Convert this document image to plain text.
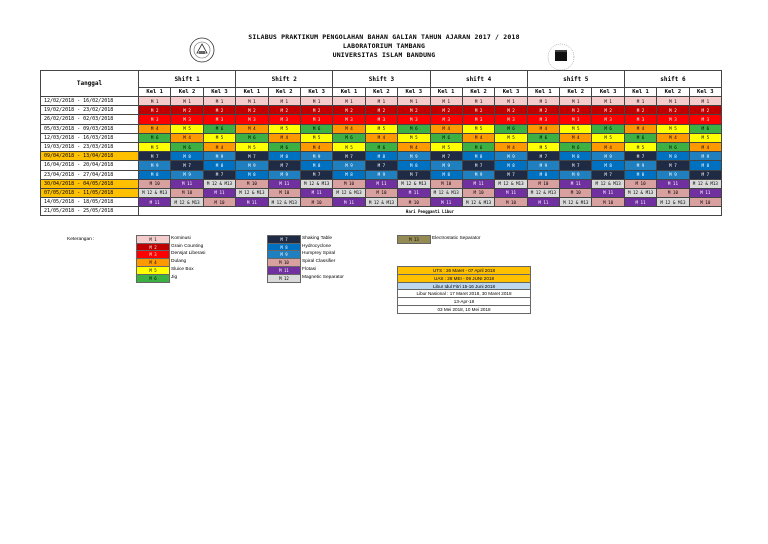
SILABUS PRAKTIKUM PENGOLAHAN BAHAN GALIAN TAHUN AJARAN 2017 / 2018
LABORATORIUM TAMBANG
UNIVERSITAS ISLAM BANDUNG
Tanggal	Shift 1			Shift 2			Shift 3			shift 4			shift 5			shift 6		
	Kel 1	Kel 2	Kel 3	Kel 1	Kel 2	Kel 3	Kel 1	Kel 2	Kel 3	Kel 1	Kel 2	Kel 3	Kel 1	Kel 2	Kel 3	Kel 1	Kel 2	Kel 3
12/02/2018 - 16/02/2018	M 1	M 1	M 1	M 1	M 1	M 1	M 1	M 1	M 1	M 1	M 1	M 1	M 1	M 1	M 1	M 1	M 1	M 1
19/02/2018 - 23/02/2018	M 2	M 2	M 2	M 2	M 2	M 2	M 2	M 2	M 2	M 2	M 2	M 2	M 2	M 2	M 2	M 2	M 2	M 2
26/02/2018 - 02/03/2018	M 3	M 3	M 3	M 3	M 3	M 3	M 3	M 3	M 3	M 3	M 3	M 3	M 3	M 3	M 3	M 3	M 3	M 3
05/03/2018 - 09/03/2018	M 4	M 5	M 6	M 4	M 5	M 6	M 4	M 5	M 6	M 4	M 5	M 6	M 4	M 5	M 6	M 4	M 5	M 6
12/03/2018 - 16/03/2018	M 6	M 4	M 5	M 6	M 4	M 5	M 6	M 4	M 5	M 6	M 4	M 5	M 6	M 4	M 5	M 6	M 4	M 5
19/03/2018 - 23/03/2018	M 5	M 6	M 4	M 5	M 6	M 4	M 5	M 6	M 4	M 5	M 6	M 4	M 5	M 6	M 4	M 5	M 6	M 4
09/04/2018 - 13/04/2018	M 7	M 8	M 9	M 7	M 8	M 9	M 7	M 8	M 9	M 7	M 8	M 9	M 7	M 8	M 9	M 7	M 8	M 9
16/04/2018 - 20/04/2018	M 9	M 7	M 8	M 9	M 7	M 8	M 9	M 7	M 8	M 9	M 7	M 8	M 9	M 7	M 8	M 9	M 7	M 8
23/04/2018 - 27/04/2018	M 8	M 9	M 7	M 8	M 9	M 7	M 8	M 9	M 7	M 8	M 9	M 7	M 8	M 9	M 7	M 8	M 9	M 7
30/04/2018 - 04/05/2018	M 10	M 11	M 12 & M13	M 10	M 11	M 12 & M13	M 10	M 11	M 12 & M13	M 10	M 11	M 12 & M13	M 10	M 11	M 12 & M13	M 10	M 11	M 12 & M13
07/05/2018 - 11/05/2018	M 12 & M13	M 10	M 11	M 12 & M13	M 10	M 11	M 12 & M13	M 10	M 11	M 12 & M13	M 10	M 11	M 12 & M13	M 10	M 11	M 12 & M13	M 10	M 11
14/05/2018 - 18/05/2018	M 11	M 12 & M13	M 10	M 11	M 12 & M13	M 10	M 11	M 12 & M13	M 10	M 11	M 12 & M13	M 10	M 11	M 12 & M13	M 10	M 11	M 12 & M13	M 10
21/05/2018 - 25/05/2018	Hari Pengganti Libur																	
Keterangan :	M 1	Kominusi
M 2	Grain Counting
M 3	Densjat Liberasi
M 4	Dulang
M 5	Sluice Box
M 6	Jig
M 7	Shaking Table
M 8	Hydrocyclone
M 9	Humprey Spiral
M 10	Spiral Classifier
M 11	Flotasi
M 12	Magnetic Separator
M 13	Electrostatic Separator
UTS : 26 Maret - 07 April 2018
UAS : 28 MEI - 09 JUNI 2018
Libur Idul Fitri 15-16 Juni 2018
Libur Nasional : 17 Maret 2018, 30 Maret 2018
13-Apr-18
03 Mei 2018, 10 Mei 2018
